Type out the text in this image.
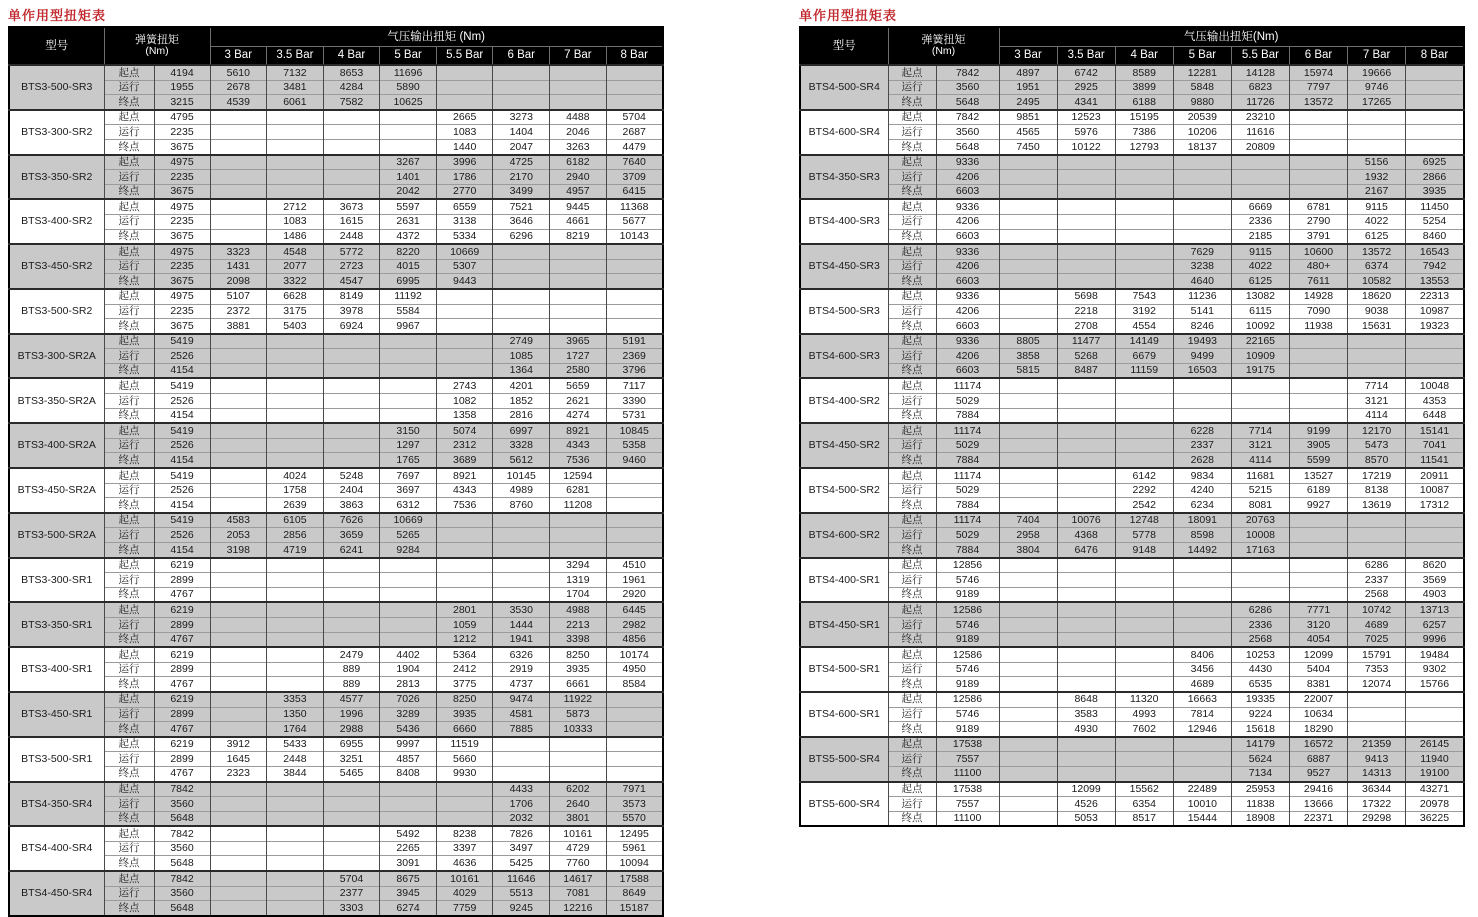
单作用型扭矩表
型号	弹簧扭矩
(Nm)		气压输出扭矩 (Nm)							
			3 Bar	3.5 Bar	4 Bar	5 Bar	5.5 Bar	6 Bar	7 Bar	8 Bar
BTS3-500-SR3	起点	4194	5610	7132	8653	11696				
	运行	1955	2678	3481	4284	5890				
	终点	3215	4539	6061	7582	10625				
BTS3-300-SR2	起点	4795					2665	3273	4488	5704
	运行	2235					1083	1404	2046	2687
	终点	3675					1440	2047	3263	4479
BTS3-350-SR2	起点	4975				3267	3996	4725	6182	7640
	运行	2235				1401	1786	2170	2940	3709
	终点	3675				2042	2770	3499	4957	6415
BTS3-400-SR2	起点	4975		2712	3673	5597	6559	7521	9445	11368
	运行	2235		1083	1615	2631	3138	3646	4661	5677
	终点	3675		1486	2448	4372	5334	6296	8219	10143
BTS3-450-SR2	起点	4975	3323	4548	5772	8220	10669			
	运行	2235	1431	2077	2723	4015	5307			
	终点	3675	2098	3322	4547	6995	9443			
BTS3-500-SR2	起点	4975	5107	6628	8149	11192				
	运行	2235	2372	3175	3978	5584				
	终点	3675	3881	5403	6924	9967				
BTS3-300-SR2A	起点	5419						2749	3965	5191
	运行	2526						1085	1727	2369
	终点	4154						1364	2580	3796
BTS3-350-SR2A	起点	5419					2743	4201	5659	7117
	运行	2526					1082	1852	2621	3390
	终点	4154					1358	2816	4274	5731
BTS3-400-SR2A	起点	5419				3150	5074	6997	8921	10845
	运行	2526				1297	2312	3328	4343	5358
	终点	4154				1765	3689	5612	7536	9460
BTS3-450-SR2A	起点	5419		4024	5248	7697	8921	10145	12594	
	运行	2526		1758	2404	3697	4343	4989	6281	
	终点	4154		2639	3863	6312	7536	8760	11208	
BTS3-500-SR2A	起点	5419	4583	6105	7626	10669				
	运行	2526	2053	2856	3659	5265				
	终点	4154	3198	4719	6241	9284				
BTS3-300-SR1	起点	6219							3294	4510
	运行	2899							1319	1961
	终点	4767							1704	2920
BTS3-350-SR1	起点	6219					2801	3530	4988	6445
	运行	2899					1059	1444	2213	2982
	终点	4767					1212	1941	3398	4856
BTS3-400-SR1	起点	6219			2479	4402	5364	6326	8250	10174
	运行	2899			889	1904	2412	2919	3935	4950
	终点	4767			889	2813	3775	4737	6661	8584
BTS3-450-SR1	起点	6219		3353	4577	7026	8250	9474	11922	
	运行	2899		1350	1996	3289	3935	4581	5873	
	终点	4767		1764	2988	5436	6660	7885	10333	
BTS3-500-SR1	起点	6219	3912	5433	6955	9997	11519			
	运行	2899	1645	2448	3251	4857	5660			
	终点	4767	2323	3844	5465	8408	9930			
BTS4-350-SR4	起点	7842						4433	6202	7971
	运行	3560						1706	2640	3573
	终点	5648						2032	3801	5570
BTS4-400-SR4	起点	7842				5492	8238	7826	10161	12495
	运行	3560				2265	3397	3497	4729	5961
	终点	5648				3091	4636	5425	7760	10094
BTS4-450-SR4	起点	7842			5704	8675	10161	11646	14617	17588
	运行	3560			2377	3945	4029	5513	7081	8649
	终点	5648			3303	6274	7759	9245	12216	15187
单作用型扭矩表
型号	弹簧扭矩
(Nm)		气压输出扭矩(Nm)							
			3 Bar	3.5 Bar	4 Bar	5 Bar	5.5 Bar	6 Bar	7 Bar	8 Bar
BTS4-500-SR4	起点	7842	4897	6742	8589	12281	14128	15974	19666	
	运行	3560	1951	2925	3899	5848	6823	7797	9746	
	终点	5648	2495	4341	6188	9880	11726	13572	17265	
BTS4-600-SR4	起点	7842	9851	12523	15195	20539	23210			
	运行	3560	4565	5976	7386	10206	11616			
	终点	5648	7450	10122	12793	18137	20809			
BTS4-350-SR3	起点	9336							5156	6925
	运行	4206							1932	2866
	终点	6603							2167	3935
BTS4-400-SR3	起点	9336					6669	6781	9115	11450
	运行	4206					2336	2790	4022	5254
	终点	6603					2185	3791	6125	8460
BTS4-450-SR3	起点	9336				7629	9115	10600	13572	16543
	运行	4206				3238	4022	480+	6374	7942
	终点	6603				4640	6125	7611	10582	13553
BTS4-500-SR3	起点	9336		5698	7543	11236	13082	14928	18620	22313
	运行	4206		2218	3192	5141	6115	7090	9038	10987
	终点	6603		2708	4554	8246	10092	11938	15631	19323
BTS4-600-SR3	起点	9336	8805	11477	14149	19493	22165			
	运行	4206	3858	5268	6679	9499	10909			
	终点	6603	5815	8487	11159	16503	19175			
BTS4-400-SR2	起点	11174							7714	10048
	运行	5029							3121	4353
	终点	7884							4114	6448
BTS4-450-SR2	起点	11174				6228	7714	9199	12170	15141
	运行	5029				2337	3121	3905	5473	7041
	终点	7884				2628	4114	5599	8570	11541
BTS4-500-SR2	起点	11174			6142	9834	11681	13527	17219	20911
	运行	5029			2292	4240	5215	6189	8138	10087
	终点	7884			2542	6234	8081	9927	13619	17312
BTS4-600-SR2	起点	11174	7404	10076	12748	18091	20763			
	运行	5029	2958	4368	5778	8598	10008			
	终点	7884	3804	6476	9148	14492	17163			
BTS4-400-SR1	起点	12856							6286	8620
	运行	5746							2337	3569
	终点	9189							2568	4903
BTS4-450-SR1	起点	12586					6286	7771	10742	13713
	运行	5746					2336	3120	4689	6257
	终点	9189					2568	4054	7025	9996
BTS4-500-SR1	起点	12586				8406	10253	12099	15791	19484
	运行	5746				3456	4430	5404	7353	9302
	终点	9189				4689	6535	8381	12074	15766
BTS4-600-SR1	起点	12586		8648	11320	16663	19335	22007		
	运行	5746		3583	4993	7814	9224	10634		
	终点	9189		4930	7602	12946	15618	18290		
BTS5-500-SR4	起点	17538					14179	16572	21359	26145
	运行	7557					5624	6887	9413	11940
	终点	11100					7134	9527	14313	19100
BTS5-600-SR4	起点	17538		12099	15562	22489	25953	29416	36344	43271
	运行	7557		4526	6354	10010	11838	13666	17322	20978
	终点	11100		5053	8517	15444	18908	22371	29298	36225
